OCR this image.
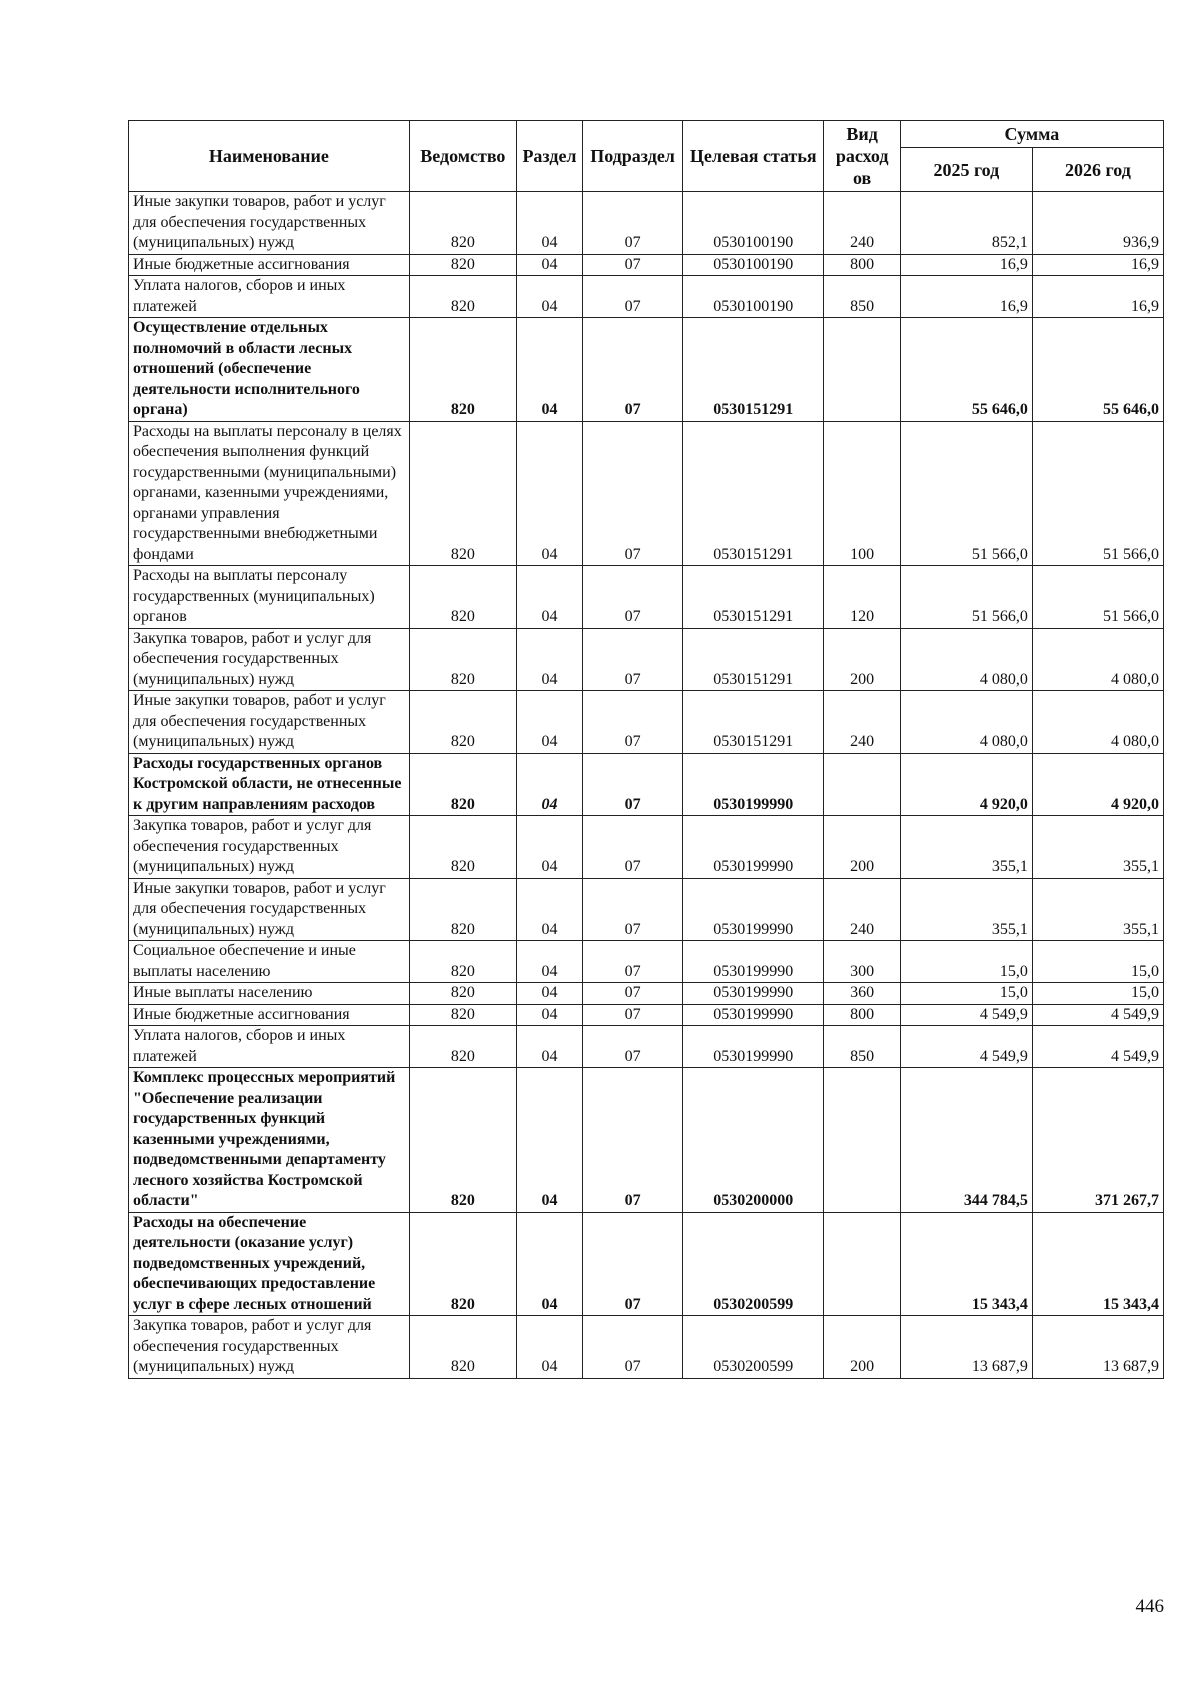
Наименование	Ведомство	Раздел	Подраздел	Целевая статья	Вид расход ов	Сумма	
						2025 год	2026 год
Иные закупки товаров, работ и услуг для обеспечения государственных (муниципальных) нужд	820	04	07	0530100190	240	852,1	936,9
Иные бюджетные ассигнования	820	04	07	0530100190	800	16,9	16,9
Уплата налогов, сборов и иных платежей	820	04	07	0530100190	850	16,9	16,9
Осуществление отдельных полномочий в области лесных отношений (обеспечение деятельности исполнительного органа)	820	04	07	0530151291		55 646,0	55 646,0
Расходы на выплаты персоналу в целях обеспечения выполнения функций государственными (муниципальными) органами, казенными учреждениями, органами управления государственными внебюджетными фондами	820	04	07	0530151291	100	51 566,0	51 566,0
Расходы на выплаты персоналу государственных (муниципальных) органов	820	04	07	0530151291	120	51 566,0	51 566,0
Закупка товаров, работ и услуг для обеспечения государственных (муниципальных) нужд	820	04	07	0530151291	200	4 080,0	4 080,0
Иные закупки товаров, работ и услуг для обеспечения государственных (муниципальных) нужд	820	04	07	0530151291	240	4 080,0	4 080,0
Расходы государственных органов Костромской области, не отнесенные к другим направлениям расходов	820	04	07	0530199990		4 920,0	4 920,0
Закупка товаров, работ и услуг для обеспечения государственных (муниципальных) нужд	820	04	07	0530199990	200	355,1	355,1
Иные закупки товаров, работ и услуг для обеспечения государственных (муниципальных) нужд	820	04	07	0530199990	240	355,1	355,1
Социальное обеспечение и иные выплаты населению	820	04	07	0530199990	300	15,0	15,0
Иные выплаты населению	820	04	07	0530199990	360	15,0	15,0
Иные бюджетные ассигнования	820	04	07	0530199990	800	4 549,9	4 549,9
Уплата налогов, сборов и иных платежей	820	04	07	0530199990	850	4 549,9	4 549,9
Комплекс процессных мероприятий "Обеспечение реализации государственных функций казенными учреждениями, подведомственными департаменту лесного хозяйства Костромской области"	820	04	07	0530200000		344 784,5	371 267,7
Расходы на обеспечение деятельности (оказание услуг) подведомственных учреждений, обеспечивающих предоставление услуг в сфере лесных отношений	820	04	07	0530200599		15 343,4	15 343,4
Закупка товаров, работ и услуг для обеспечения государственных (муниципальных) нужд	820	04	07	0530200599	200	13 687,9	13 687,9
446
